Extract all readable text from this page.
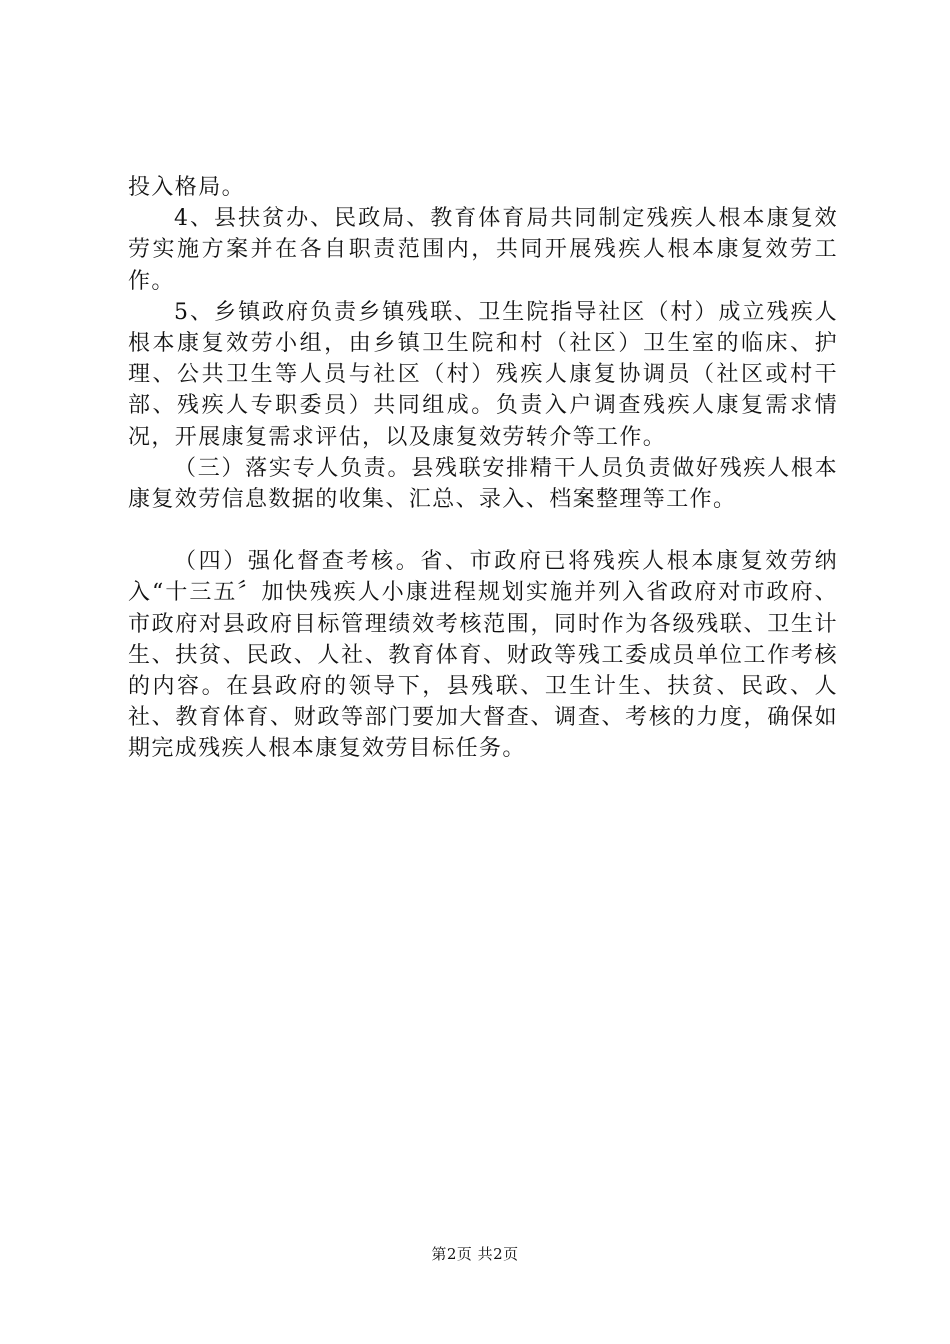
投入格局。

4、县扶贫办、民政局、教育体育局共同制定残疾人根本康复效劳实施方案并在各自职责范围内，共同开展残疾人根本康复效劳工作。

5、乡镇政府负责乡镇残联、卫生院指导社区（村）成立残疾人根本康复效劳小组，由乡镇卫生院和村（社区）卫生室的临床、护理、公共卫生等人员与社区（村）残疾人康复协调员（社区或村干部、残疾人专职委员）共同组成。负责入户调查残疾人康复需求情况，开展康复需求评估，以及康复效劳转介等工作。

（三）落实专人负责。县残联安排精干人员负责做好残疾人根本康复效劳信息数据的收集、汇总、录入、档案整理等工作。

（四）强化督查考核。省、市政府已将残疾人根本康复效劳纳入“十三五〞加快残疾人小康进程规划实施并列入省政府对市政府、市政府对县政府目标管理绩效考核范围，同时作为各级残联、卫生计生、扶贫、民政、人社、教育体育、财政等残工委成员单位工作考核的内容。在县政府的领导下，县残联、卫生计生、扶贫、民政、人社、教育体育、财政等部门要加大督查、调查、考核的力度，确保如期完成残疾人根本康复效劳目标任务。

第2页 共2页
